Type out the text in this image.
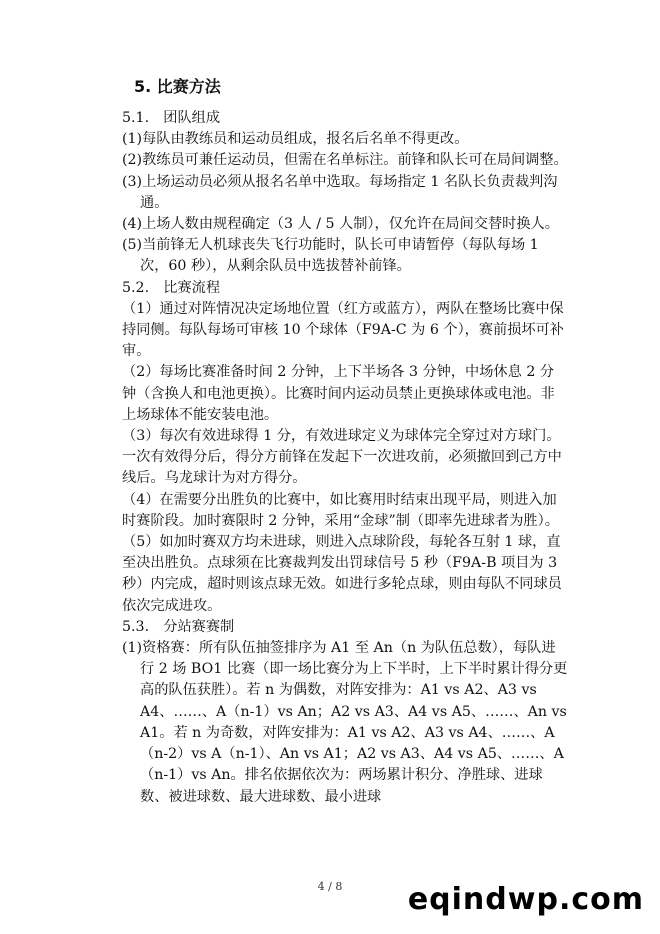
5. 比赛方法

5.1.　团队组成

(1)每队由教练员和运动员组成，报名后名单不得更改。

(2)教练员可兼任运动员，但需在名单标注。前锋和队长可在局间调整。

(3)上场运动员必须从报名名单中选取。每场指定 1 名队长负责裁判沟通。

(4)上场人数由规程确定（3 人 / 5 人制），仅允许在局间交替时换人。

(5)当前锋无人机球丧失飞行功能时，队长可申请暂停（每队每场 1 次，60 秒），从剩余队员中选拔替补前锋。

5.2.　比赛流程

（1）通过对阵情况决定场地位置（红方或蓝方），两队在整场比赛中保持同侧。每队每场可审核 10 个球体（F9A-C 为 6 个），赛前损坏可补审。

（2）每场比赛准备时间 2 分钟，上下半场各 3 分钟，中场休息 2 分钟（含换人和电池更换）。比赛时间内运动员禁止更换球体或电池。非上场球体不能安装电池。

（3）每次有效进球得 1 分，有效进球定义为球体完全穿过对方球门。一次有效得分后，得分方前锋在发起下一次进攻前，必须撤回到己方中线后。乌龙球计为对方得分。

（4）在需要分出胜负的比赛中，如比赛用时结束出现平局，则进入加时赛阶段。加时赛限时 2 分钟，采用“金球”制（即率先进球者为胜）。

（5）如加时赛双方均未进球，则进入点球阶段，每轮各互射 1 球，直至决出胜负。点球须在比赛裁判发出罚球信号 5 秒（F9A-B 项目为 3 秒）内完成，超时则该点球无效。如进行多轮点球，则由每队不同球员依次完成进攻。

5.3.　分站赛赛制

(1)资格赛：所有队伍抽签排序为 A1 至 An（n 为队伍总数），每队进行 2 场 BO1 比赛（即一场比赛分为上下半时，上下半时累计得分更高的队伍获胜）。若 n 为偶数，对阵安排为：A1 vs A2、A3 vs A4、……、A（n-1）vs An；A2 vs A3、A4 vs A5、……、An vs A1。若 n 为奇数，对阵安排为：A1 vs A2、A3 vs A4、……、A（n-2）vs A（n-1）、An vs A1；A2 vs A3、A4 vs A5、……、A（n-1）vs An。排名依据依次为：两场累计积分、净胜球、进球数、被进球数、最大进球数、最小进球

4 / 8	eqindwp.com
